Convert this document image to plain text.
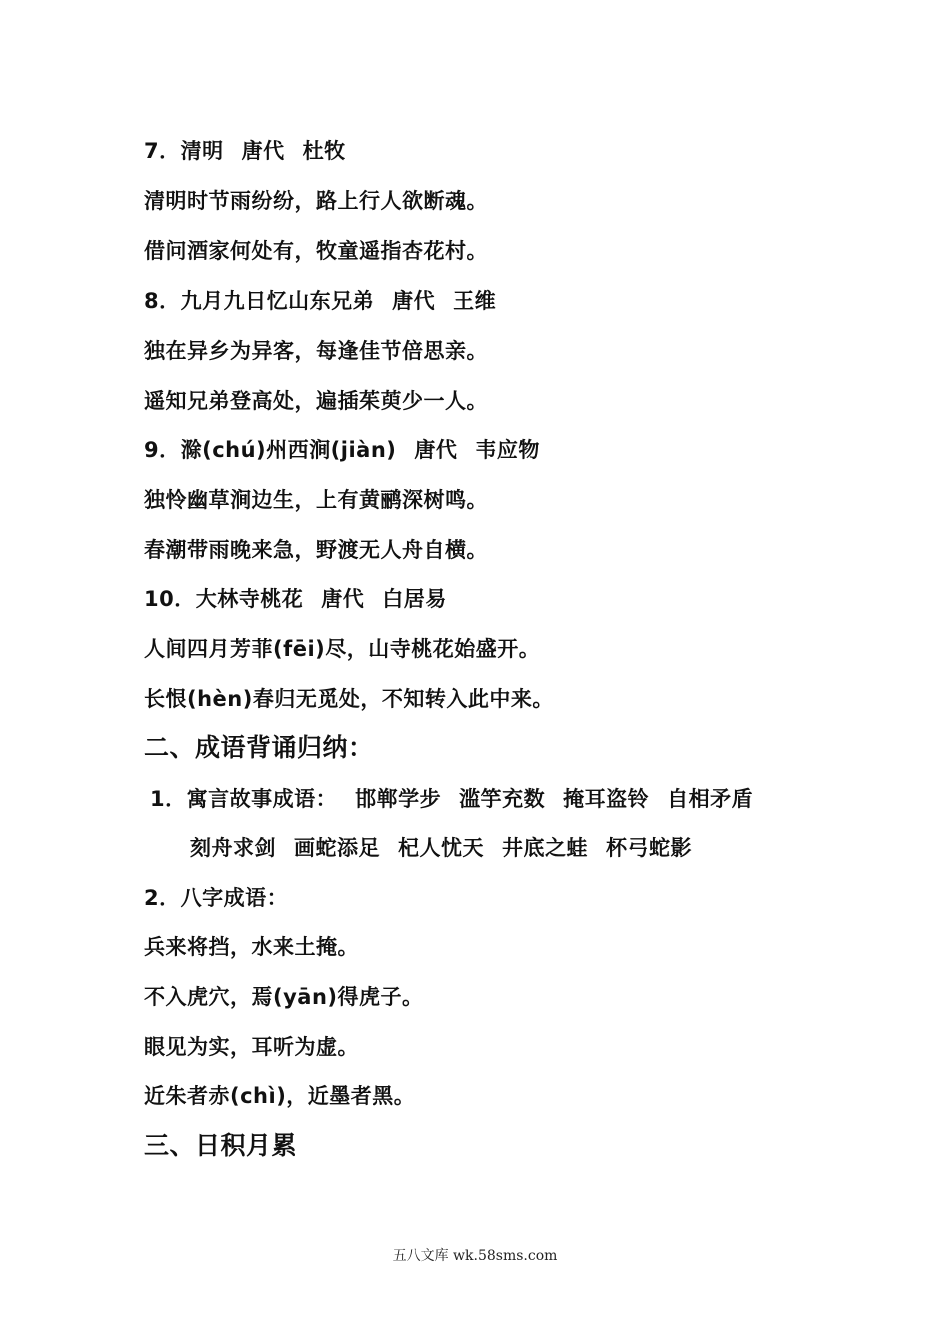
7．清明 唐代 杜牧
清明时节雨纷纷，路上行人欲断魂。
借问酒家何处有，牧童遥指杏花村。
8．九月九日忆山东兄弟 唐代 王维
独在异乡为异客，每逢佳节倍思亲。
遥知兄弟登高处，遍插茱萸少一人。
9．滁(chú)州西涧(jiàn) 唐代 韦应物
独怜幽草涧边生，上有黄鹂深树鸣。
春潮带雨晚来急，野渡无人舟自横。
10．大林寺桃花 唐代 白居易
人间四月芳菲(fēi)尽，山寺桃花始盛开。
长恨(hèn)春归无觅处，不知转入此中来。
二、成语背诵归纳：
1．寓言故事成语： 邯郸学步 滥竽充数 掩耳盗铃 自相矛盾
刻舟求剑 画蛇添足 杞人忧天 井底之蛙 杯弓蛇影
2．八字成语：
兵来将挡，水来土掩。
不入虎穴，焉(yān)得虎子。
眼见为实，耳听为虚。
近朱者赤(chì)，近墨者黑。
三、日积月累
五八文库 wk.58sms.com
